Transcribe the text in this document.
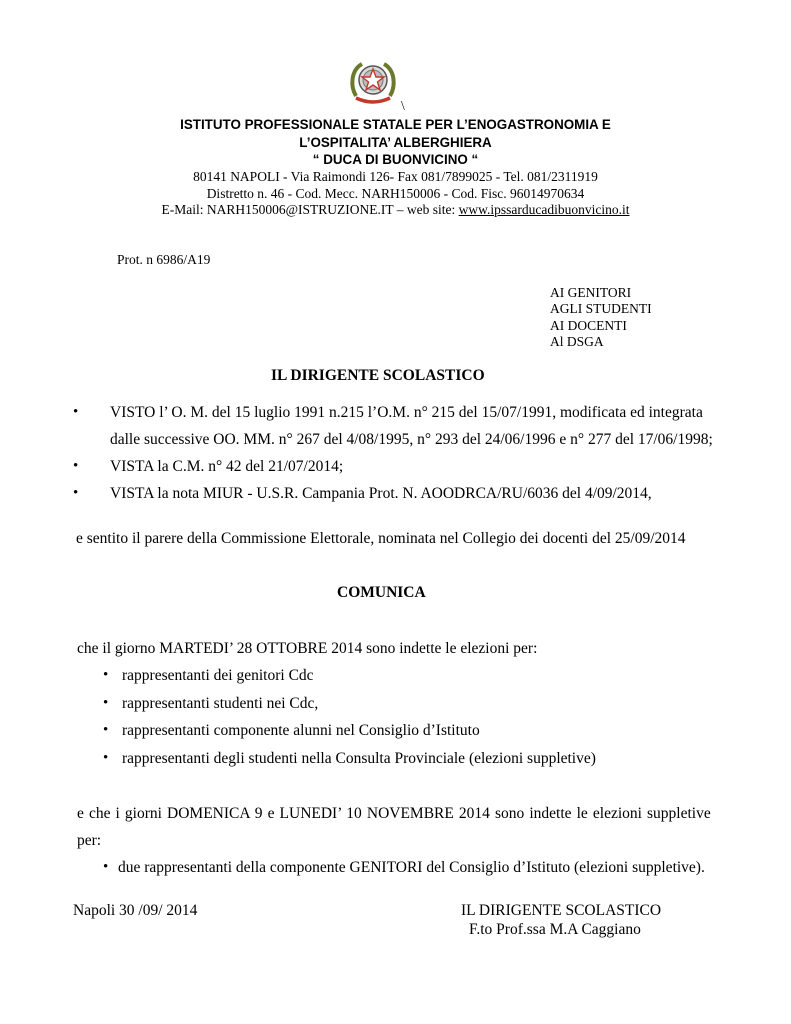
\
ISTITUTO PROFESSIONALE STATALE PER L’ENOGASTRONOMIA E
L’OSPITALITA’ ALBERGHIERA
“ DUCA DI BUONVICINO “
80141 NAPOLI - Via Raimondi 126- Fax 081/7899025 - Tel. 081/2311919
Distretto n. 46 - Cod. Mecc. NARH150006 - Cod. Fisc. 96014970634
E-Mail: NARH150006@ISTRUZIONE.IT – web site: www.ipssarducadibuonvicino.it
Prot. n 6986/A19
AI GENITORI
AGLI STUDENTI
AI DOCENTI
Al DSGA
IL DIRIGENTE SCOLASTICO
• VISTO l’ O. M. del 15 luglio 1991 n.215 l’O.M. n° 215 del 15/07/1991, modificata ed integrata
dalle successive OO. MM. n° 267 del 4/08/1995, n° 293 del 24/06/1996 e n° 277 del 17/06/1998;
• VISTA la C.M. n° 42 del 21/07/2014;
• VISTA la nota MIUR - U.S.R. Campania Prot. N. AOODRCA/RU/6036 del 4/09/2014,
e sentito il parere della Commissione Elettorale, nominata nel Collegio dei docenti del 25/09/2014
COMUNICA
che il giorno MARTEDI’ 28 OTTOBRE 2014 sono indette le elezioni per:
• rappresentanti dei genitori Cdc
• rappresentanti studenti nei Cdc,
• rappresentanti componente alunni nel Consiglio d’Istituto
• rappresentanti degli studenti nella Consulta Provinciale (elezioni suppletive)
e che i giorni DOMENICA 9 e LUNEDI’ 10 NOVEMBRE 2014 sono indette le elezioni suppletive
per:
• due rappresentanti della componente GENITORI del Consiglio d’Istituto (elezioni suppletive).
Napoli 30 /09/ 2014	IL DIRIGENTE SCOLASTICO
F.to Prof.ssa M.A Caggiano
